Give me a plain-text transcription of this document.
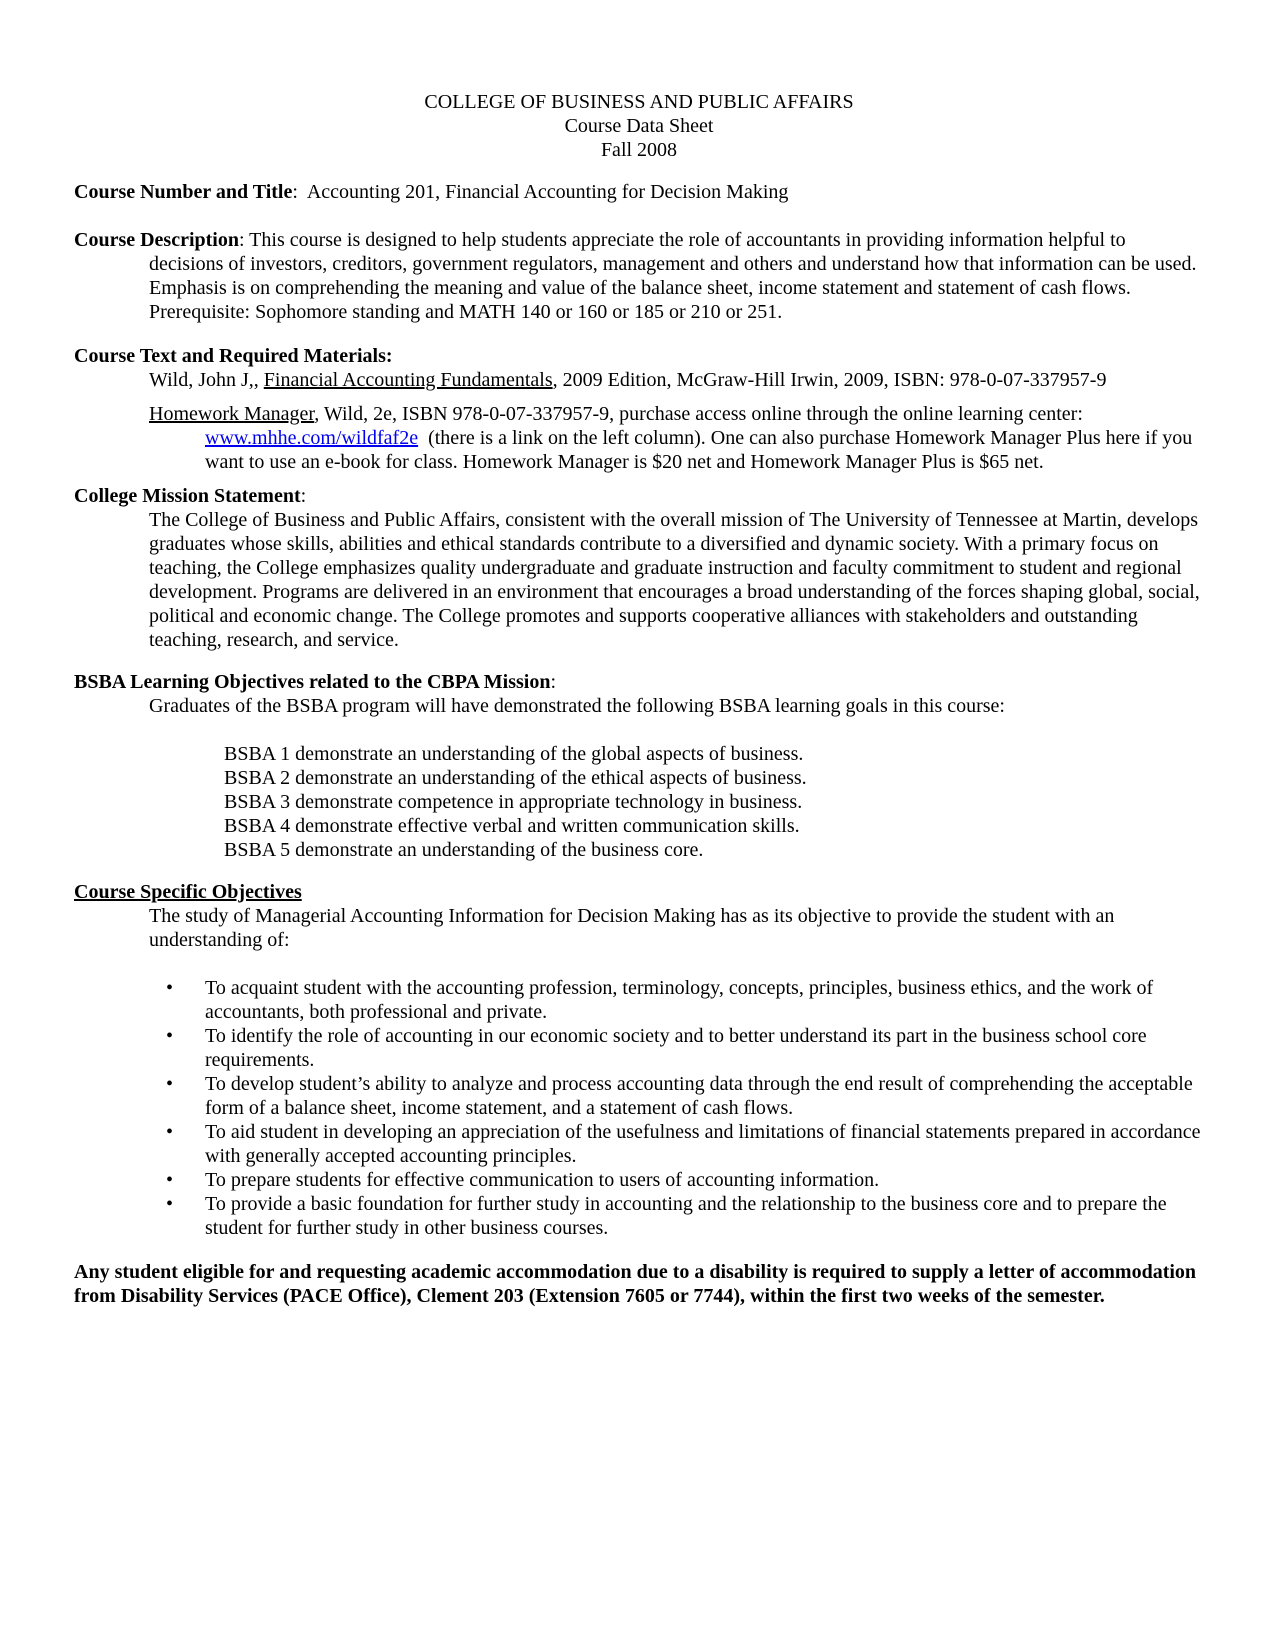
COLLEGE OF BUSINESS AND PUBLIC AFFAIRS
Course Data Sheet
Fall 2008

Course Number and Title:  Accounting 201, Financial Accounting for Decision Making

Course Description: This course is designed to help students appreciate the role of accountants in providing information helpful to decisions of investors, creditors, government regulators, management and others and understand how that information can be used. Emphasis is on comprehending the meaning and value of the balance sheet, income statement and statement of cash flows. Prerequisite: Sophomore standing and MATH 140 or 160 or 185 or 210 or 251.

Course Text and Required Materials:

Wild, John J,, Financial Accounting Fundamentals, 2009 Edition, McGraw-Hill Irwin, 2009, ISBN: 978-0-07-337957-9

Homework Manager, Wild, 2e, ISBN 978-0-07-337957-9, purchase access online through the online learning center: www.mhhe.com/wildfaf2e  (there is a link on the left column). One can also purchase Homework Manager Plus here if you want to use an e-book for class. Homework Manager is $20 net and Homework Manager Plus is $65 net.

College Mission Statement:

The College of Business and Public Affairs, consistent with the overall mission of The University of Tennessee at Martin, develops graduates whose skills, abilities and ethical standards contribute to a diversified and dynamic society. With a primary focus on teaching, the College emphasizes quality undergraduate and graduate instruction and faculty commitment to student and regional development. Programs are delivered in an environment that encourages a broad understanding of the forces shaping global, social, political and economic change. The College promotes and supports cooperative alliances with stakeholders and outstanding teaching, research, and service.

BSBA Learning Objectives related to the CBPA Mission:

Graduates of the BSBA program will have demonstrated the following BSBA learning goals in this course:

BSBA 1 demonstrate an understanding of the global aspects of business.

BSBA 2 demonstrate an understanding of the ethical aspects of business.

BSBA 3 demonstrate competence in appropriate technology in business.

BSBA 4 demonstrate effective verbal and written communication skills.

BSBA 5 demonstrate an understanding of the business core.

Course Specific Objectives

The study of Managerial Accounting Information for Decision Making has as its objective to provide the student with an understanding of:

• To acquaint student with the accounting profession, terminology, concepts, principles, business ethics, and the work of accountants, both professional and private.
• To identify the role of accounting in our economic society and to better understand its part in the business school core requirements.
• To develop student’s ability to analyze and process accounting data through the end result of comprehending the acceptable form of a balance sheet, income statement, and a statement of cash flows.
• To aid student in developing an appreciation of the usefulness and limitations of financial statements prepared in accordance with generally accepted accounting principles.
• To prepare students for effective communication to users of accounting information.
• To provide a basic foundation for further study in accounting and the relationship to the business core and to prepare the student for further study in other business courses.

Any student eligible for and requesting academic accommodation due to a disability is required to supply a letter of accommodation from Disability Services (PACE Office), Clement 203 (Extension 7605 or 7744), within the first two weeks of the semester.
